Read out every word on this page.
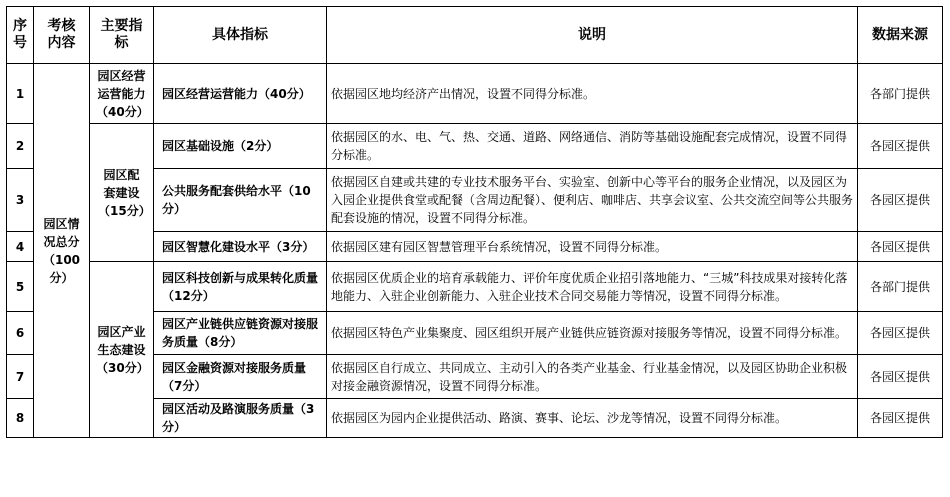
序号	考核内容	主要指标	具体指标	说明	数据来源
1	园区情况总分（100分）	园区经营运营能力（40分）	园区经营运营能力（40分）	依据园区地均经济产出情况，设置不同得分标准。	各部门提供
2		园区配套建设（15分）	园区基础设施（2分）	依据园区的水、电、气、热、交通、道路、网络通信、消防等基础设施配套完成情况，设置不同得分标准。	各园区提供
3			公共服务配套供给水平（10分）	依据园区自建或共建的专业技术服务平台、实验室、创新中心等平台的服务企业情况，以及园区为入园企业提供食堂或配餐（含周边配餐）、便利店、咖啡店、共享会议室、公共交流空间等公共服务配套设施的情况，设置不同得分标准。	各园区提供
4			园区智慧化建设水平（3分）	依据园区建有园区智慧管理平台系统情况，设置不同得分标准。	各园区提供
5		园区产业生态建设（30分）	园区科技创新与成果转化质量（12分）	依据园区优质企业的培育承载能力、评价年度优质企业招引落地能力、“三城”科技成果对接转化落地能力、入驻企业创新能力、入驻企业技术合同交易能力等情况，设置不同得分标准。	各部门提供
6			园区产业链供应链资源对接服务质量（8分）	依据园区特色产业集聚度、园区组织开展产业链供应链资源对接服务等情况，设置不同得分标准。	各园区提供
7			园区金融资源对接服务质量（7分）	依据园区自行成立、共同成立、主动引入的各类产业基金、行业基金情况，以及园区协助企业积极对接金融资源情况，设置不同得分标准。	各园区提供
8			园区活动及路演服务质量（3分）	依据园区为园内企业提供活动、路演、赛事、论坛、沙龙等情况，设置不同得分标准。	各园区提供
